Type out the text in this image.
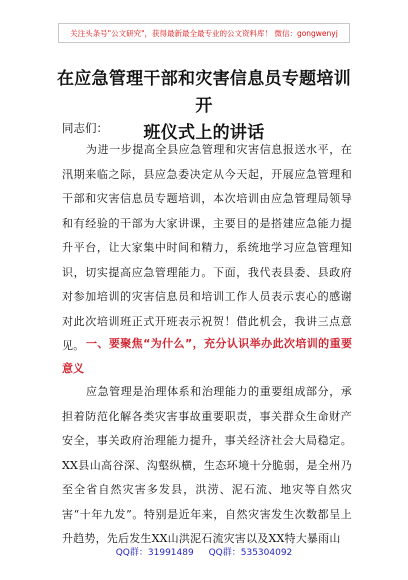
关注头条号"公文研究"，获得最新最全最专业的公文资料库！ 微信：gongwenyj
在应急管理干部和灾害信息员专题培训开
班仪式上的讲话
同志们：
为进一步提高全县应急管理和灾害信息报送水平，在汛期来临之际，县应急委决定从今天起，开展应急管理和干部和灾害信息员专题培训，本次培训由应急管理局领导和有经验的干部为大家讲课，主要目的是搭建应急能力提升平台，让大家集中时间和精力，系统地学习应急管理知识，切实提高应急管理能力。下面，我代表县委、县政府对参加培训的灾害信息员和培训工作人员表示衷心的感谢对此次培训班正式开班表示祝贺！借此机会，我讲三点意见。 一、要聚焦“为什么”，充分认识举办此次培训的重要意义
应急管理是治理体系和治理能力的重要组成部分，承担着防范化解各类灾害事故重要职责，事关群众生命财产安全，事关政府治理能力提升，事关经济社会大局稳定。XX县山高谷深、沟壑纵横，生态环境十分脆弱，是全州乃至全省自然灾害多发县，洪涝、泥石流、地灾等自然灾害“十年九发”。特别是近年来，自然灾害发生次数都呈上升趋势，先后发生XX山洪泥石流灾害以及XX特大暴雨山
QQ群：31991489 QQ群：535304092
